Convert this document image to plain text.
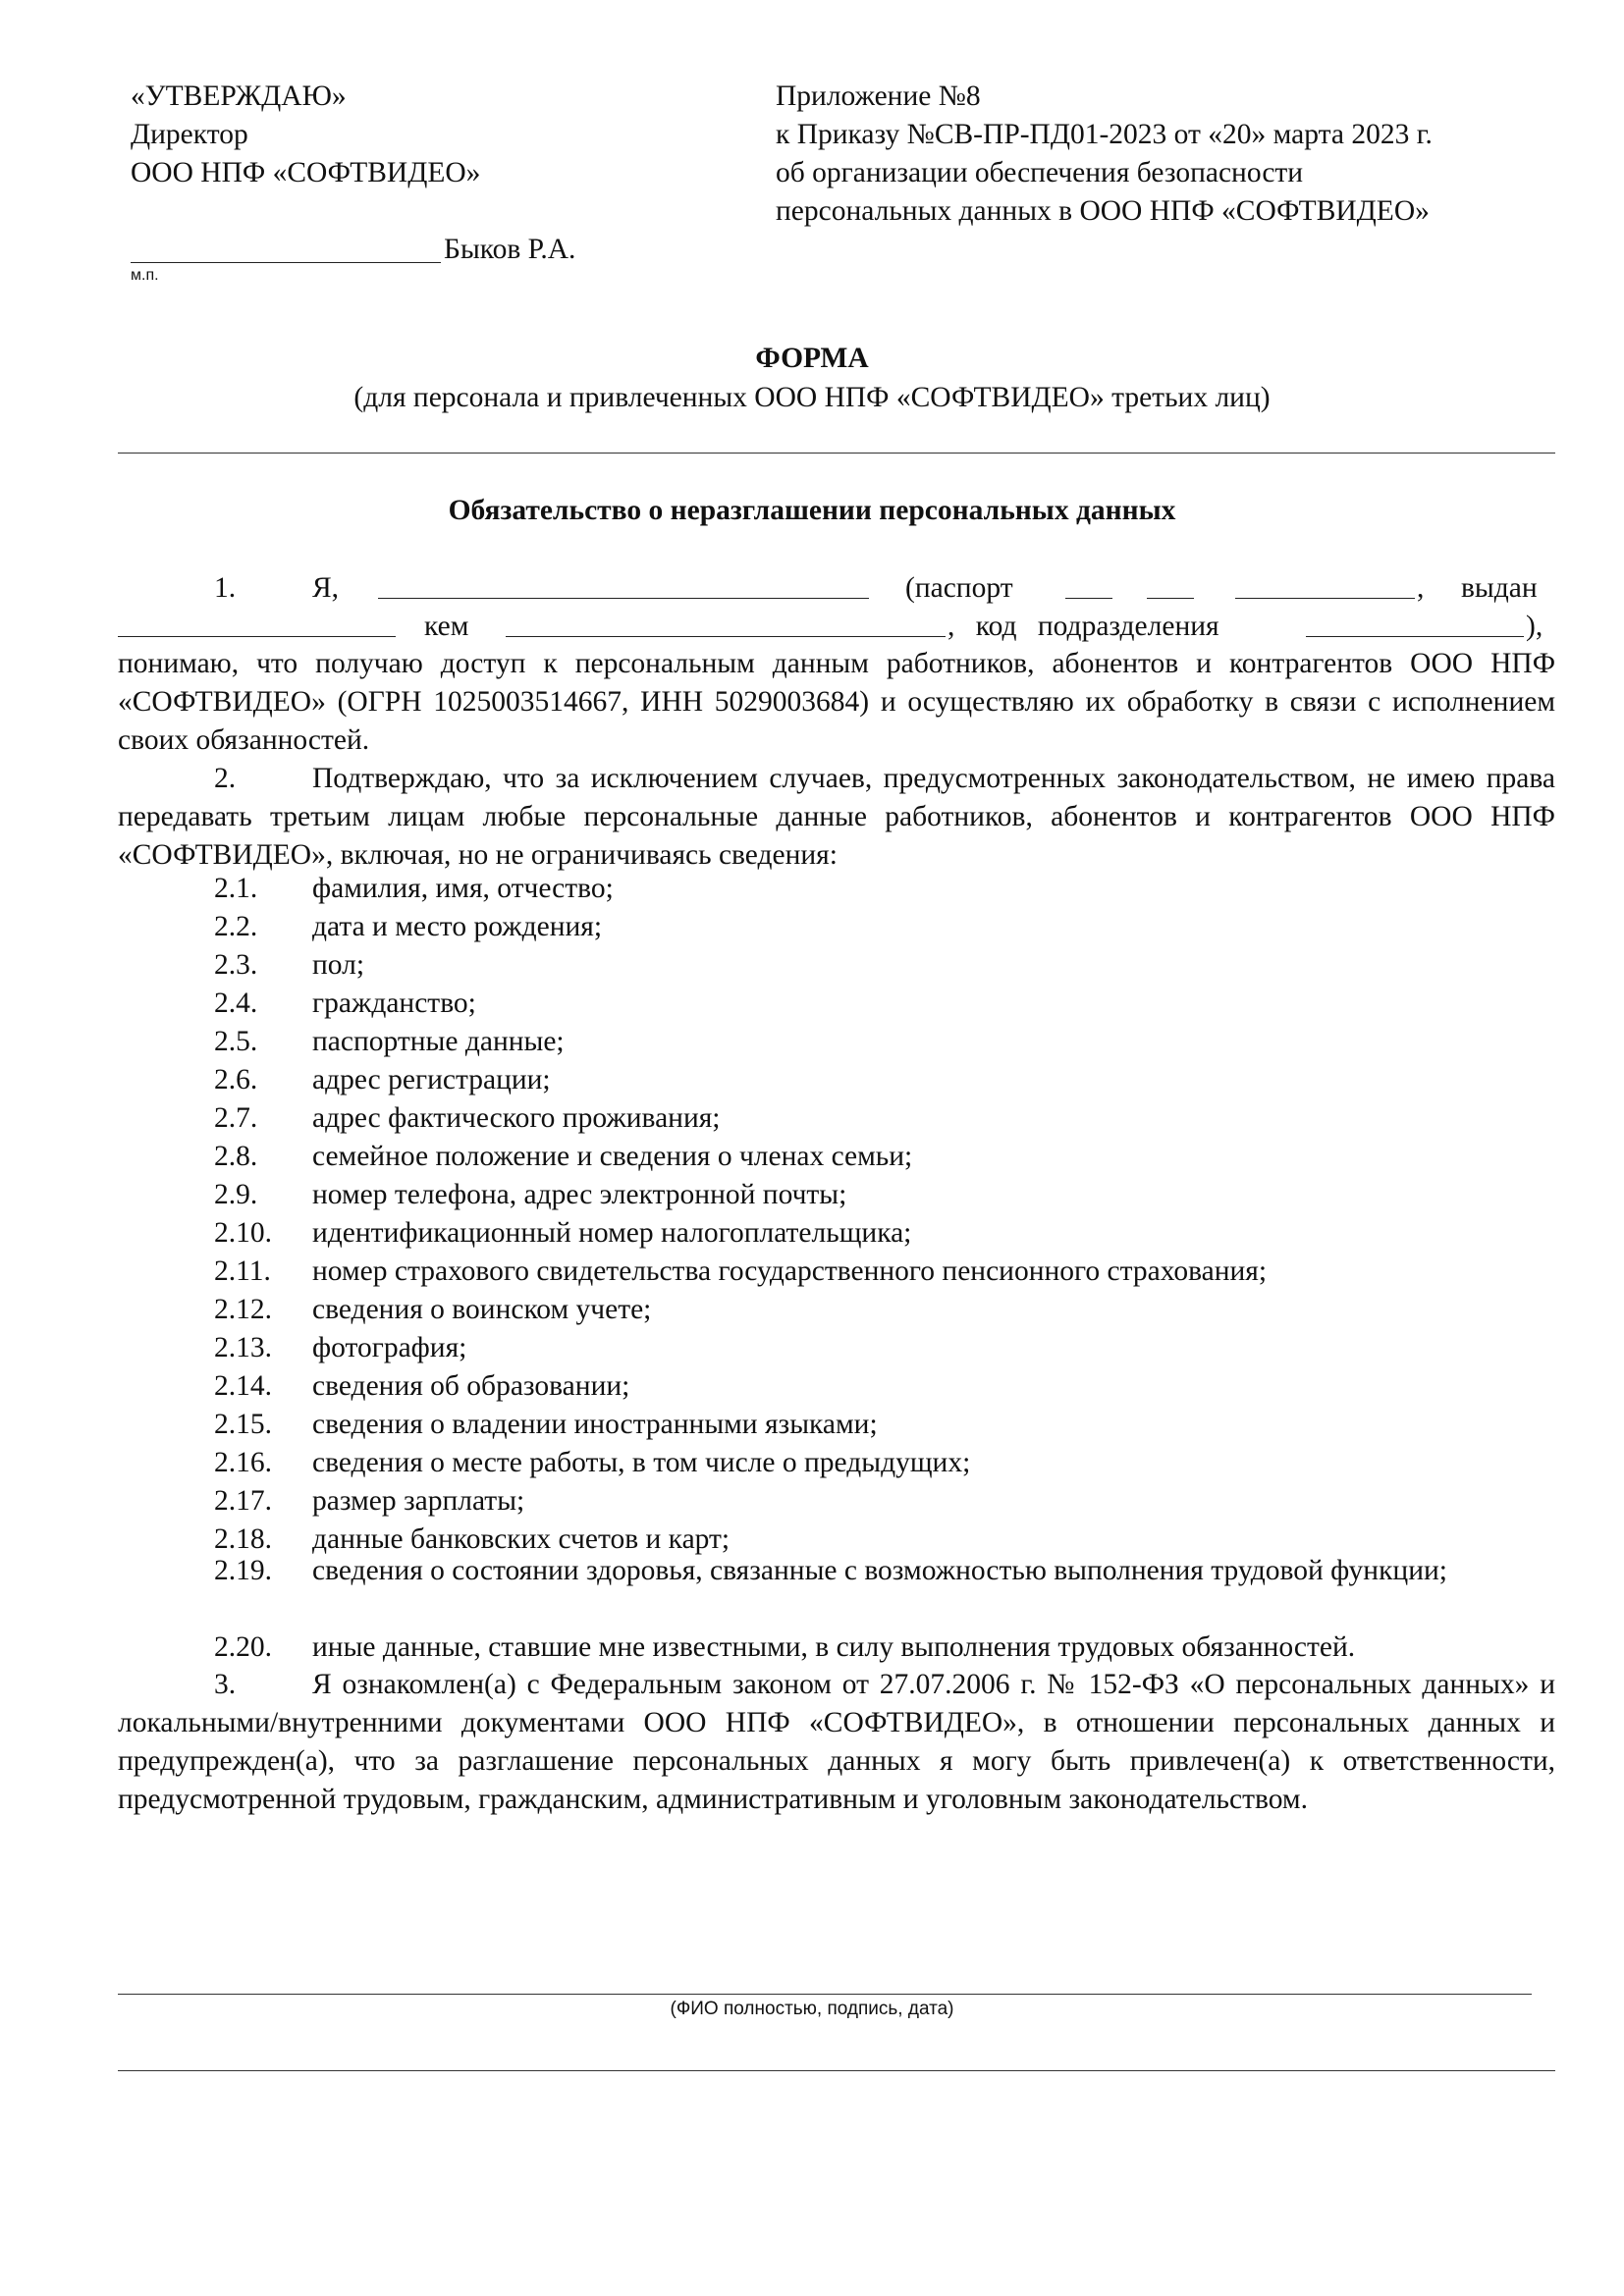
«УТВЕРЖДАЮ»
Директор
ООО НПФ «СОФТВИДЕО»
Быков Р.А.
м.п.
Приложение №8
к Приказу №СВ-ПР-ПД01-2023 от «20» марта 2023 г.
об организации обеспечения безопасности
персональных данных в ООО НПФ «СОФТВИДЕО»
ФОРМА
(для персонала и привлеченных ООО НПФ «СОФТВИДЕО» третьих лиц)
Обязательство о неразглашении персональных данных
1.	Я,	(паспорт	, выдан
кем	, код подразделения	),
понимаю, что получаю доступ к персональным данным работников, абонентов и контрагентов ООО НПФ «СОФТВИДЕО» (ОГРН 1025003514667, ИНН 5029003684) и осуществляю их обработку в связи с исполнением своих обязанностей.
2.	Подтверждаю, что за исключением случаев, предусмотренных законодательством, не имею права передавать третьим лицам любые персональные данные работников, абонентов и контрагентов ООО НПФ «СОФТВИДЕО», включая, но не ограничиваясь сведения:
2.1.	фамилия, имя, отчество;
2.2.	дата и место рождения;
2.3.	пол;
2.4.	гражданство;
2.5.	паспортные данные;
2.6.	адрес регистрации;
2.7.	адрес фактического проживания;
2.8.	семейное положение и сведения о членах семьи;
2.9.	номер телефона, адрес электронной почты;
2.10.	идентификационный номер налогоплательщика;
2.11.	номер страхового свидетельства государственного пенсионного страхования;
2.12.	сведения о воинском учете;
2.13.	фотография;
2.14.	сведения об образовании;
2.15.	сведения о владении иностранными языками;
2.16.	сведения о месте работы, в том числе о предыдущих;
2.17.	размер зарплаты;
2.18.	данные банковских счетов и карт;
2.19. сведения о состоянии здоровья, связанные с возможностью выполнения трудовой функции;
2.20.	иные данные, ставшие мне известными, в силу выполнения трудовых обязанностей.
3.	Я ознакомлен(а) с Федеральным законом от 27.07.2006 г. № 152-ФЗ «О персональных данных» и локальными/внутренними документами ООО НПФ «СОФТВИДЕО», в отношении персональных данных и предупрежден(а), что за разглашение персональных данных я могу быть привлечен(а) к ответственности, предусмотренной трудовым, гражданским, административным и уголовным законодательством.
(ФИО полностью, подпись, дата)
